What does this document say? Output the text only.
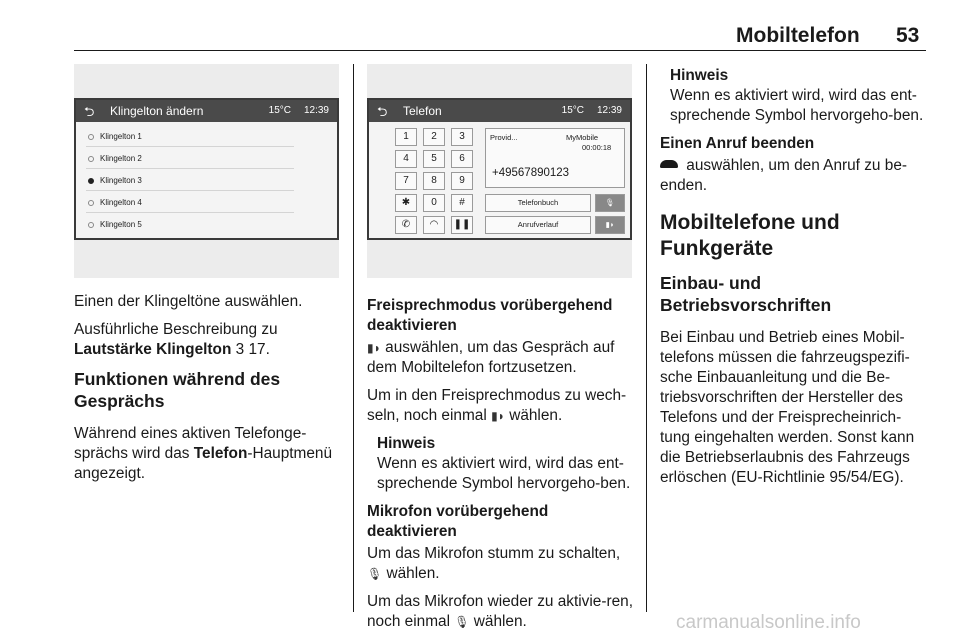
Mobiltelefon 53
⮌ Klingelton ändern	15°C 12:39
Klingelton 1
Klingelton 2
Klingelton 3
Klingelton 4
Klingelton 5
⮌ Telefon	15°C 12:39
1	2	3
4	5	6
7	8	9
✱	0	#
✆	◠	❚❚
Provid...	MyMobile
00:00:18
+49567890123
Telefonbuch	🎙
Anrufverlauf	▮◗

Einen der Klingeltöne auswählen.

Ausführliche Beschreibung zu
Lautstärke Klingelton 3 17.

Funktionen während des Gesprächs

Während eines aktiven Telefonge-sprächs wird das Telefon-Hauptmenü angezeigt.

Freisprechmodus vorübergehend deaktivieren

▮◗ auswählen, um das Gespräch auf dem Mobiltelefon fortzusetzen.

Um in den Freisprechmodus zu wech-seln, noch einmal ▮◗ wählen.

Hinweis
Wenn es aktiviert wird, wird das ent-sprechende Symbol hervorgeho-ben.
Mikrofon vorübergehend deaktivieren

Um das Mikrofon stumm zu schalten,
🎙 wählen.

Um das Mikrofon wieder zu aktivie-ren, noch einmal 🎙 wählen.

Hinweis
Wenn es aktiviert wird, wird das ent-sprechende Symbol hervorgeho-ben.
Einen Anruf beenden

auswählen, um den Anruf zu be-enden.

Mobiltelefone und Funkgeräte
Einbau- und Betriebsvorschriften

Bei Einbau und Betrieb eines Mobil-telefons müssen die fahrzeugspezifi-sche Einbauanleitung und die Be-triebsvorschriften der Hersteller des Telefons und der Freisprecheinrich-tung eingehalten werden. Sonst kann die Betriebserlaubnis des Fahrzeugs erlöschen (EU-Richtlinie 95/54/EG).

carmanualsonline.info
